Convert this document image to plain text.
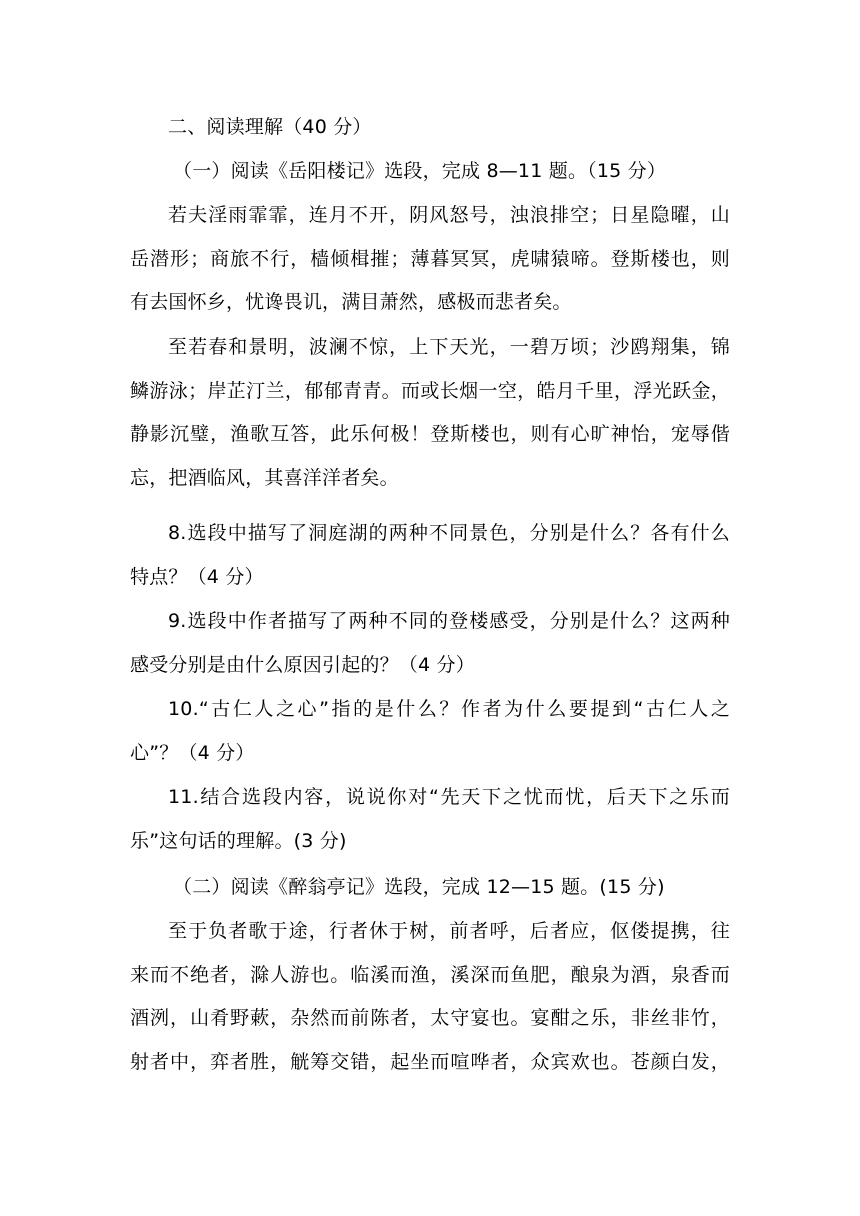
二、阅读理解（40 分）
（一）阅读《岳阳楼记》选段，完成 8—11 题。（15 分）
若夫淫雨霏霏，连月不开，阴风怒号，浊浪排空；日星隐曜，山
岳潜形；商旅不行，樯倾楫摧；薄暮冥冥，虎啸猿啼。登斯楼也，则
有去国怀乡，忧谗畏讥，满目萧然，感极而悲者矣。
至若春和景明，波澜不惊，上下天光，一碧万顷；沙鸥翔集，锦
鳞游泳；岸芷汀兰，郁郁青青。而或长烟一空，皓月千里，浮光跃金，
静影沉璧，渔歌互答，此乐何极！登斯楼也，则有心旷神怡，宠辱偕
忘，把酒临风，其喜洋洋者矣。
8.选段中描写了洞庭湖的两种不同景色，分别是什么？各有什么
特点？（4 分）
9.选段中作者描写了两种不同的登楼感受，分别是什么？这两种
感受分别是由什么原因引起的？（4 分）
10.“古仁人之心”指的是什么？作者为什么要提到“古仁人之
心”？（4 分）
11.结合选段内容，说说你对“先天下之忧而忧，后天下之乐而
乐”这句话的理解。(3 分)
（二）阅读《醉翁亭记》选段，完成 12—15 题。(15 分)
至于负者歌于途，行者休于树，前者呼，后者应，伛偻提携，往
来而不绝者，滁人游也。临溪而渔，溪深而鱼肥，酿泉为酒，泉香而
酒洌，山肴野蔌，杂然而前陈者，太守宴也。宴酣之乐，非丝非竹，
射者中，弈者胜，觥筹交错，起坐而喧哗者，众宾欢也。苍颜白发，
